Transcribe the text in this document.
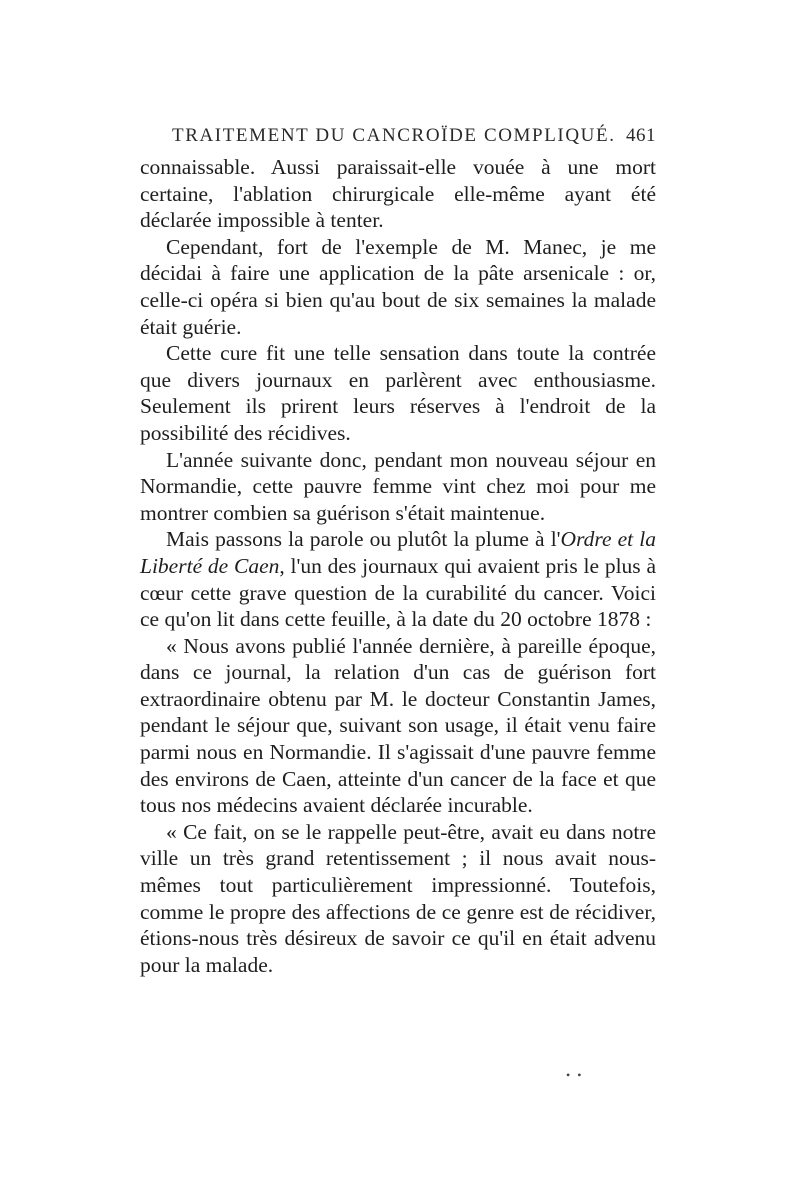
TRAITEMENT DU CANCROÏDE COMPLIQUÉ. 461

connaissable. Aussi paraissait-elle vouée à une mort certaine, l'ablation chirurgicale elle-même ayant été déclarée impossible à tenter.

Cependant, fort de l'exemple de M. Manec, je me décidai à faire une application de la pâte arsenicale : or, celle-ci opéra si bien qu'au bout de six semaines la malade était guérie.

Cette cure fit une telle sensation dans toute la contrée que divers journaux en parlèrent avec enthousiasme. Seulement ils prirent leurs réserves à l'endroit de la possibilité des récidives.

L'année suivante donc, pendant mon nouveau séjour en Normandie, cette pauvre femme vint chez moi pour me montrer combien sa guérison s'était maintenue.

Mais passons la parole ou plutôt la plume à l'Ordre et la Liberté de Caen, l'un des journaux qui avaient pris le plus à cœur cette grave question de la curabilité du cancer. Voici ce qu'on lit dans cette feuille, à la date du 20 octobre 1878 :

« Nous avons publié l'année dernière, à pareille époque, dans ce journal, la relation d'un cas de guérison fort extraordinaire obtenu par M. le docteur Constantin James, pendant le séjour que, suivant son usage, il était venu faire parmi nous en Normandie. Il s'agissait d'une pauvre femme des environs de Caen, atteinte d'un cancer de la face et que tous nos médecins avaient déclarée incurable.

« Ce fait, on se le rappelle peut-être, avait eu dans notre ville un très grand retentissement ; il nous avait nous-mêmes tout particulièrement impressionné. Toutefois, comme le propre des affections de ce genre est de récidiver, étions-nous très désireux de savoir ce qu'il en était advenu pour la malade.

• •
